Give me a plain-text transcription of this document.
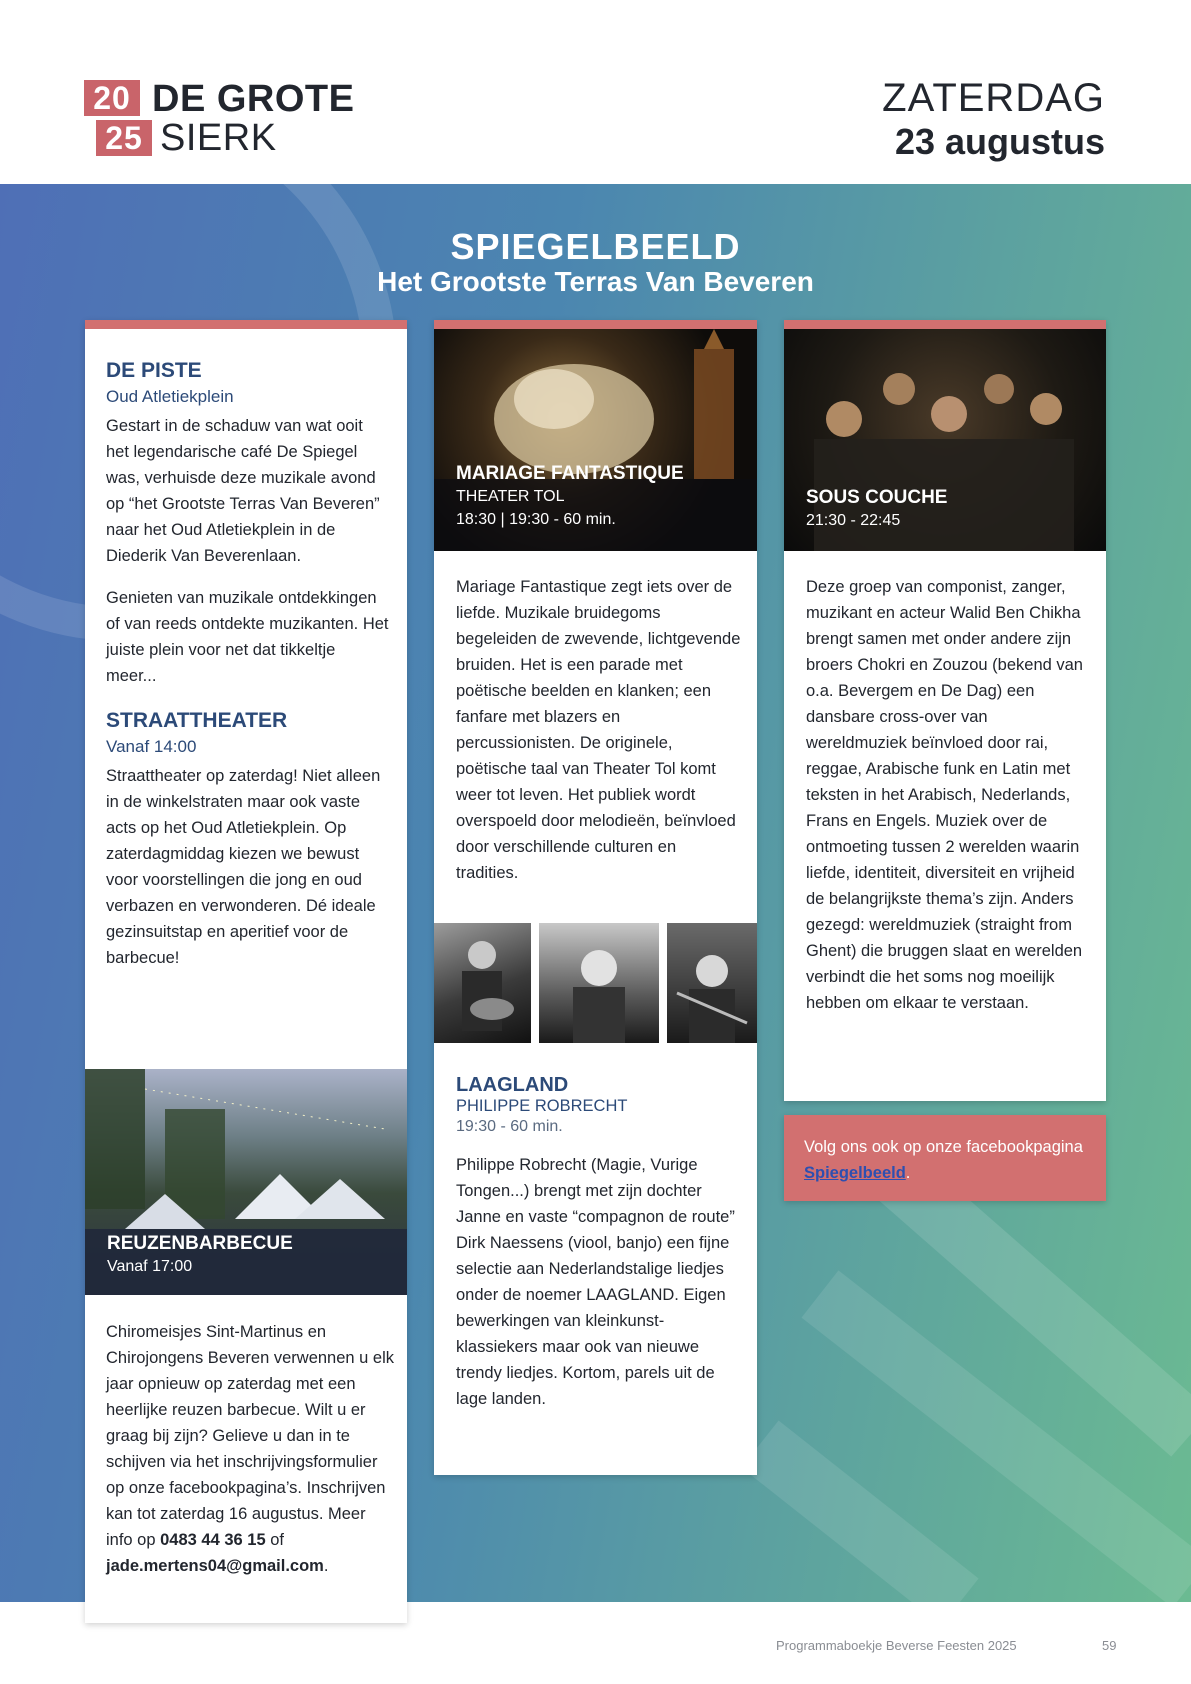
20
25
DE GROTE
SIERK
ZATERDAG
23 augustus
SPIEGELBEELD
Het Grootste Terras Van Beveren
DE PISTE
Oud Atletiekplein
Gestart in de schaduw van wat ooit het legendarische café De Spiegel was, verhuisde deze muzikale avond op “het Grootste Terras Van Beveren” naar het Oud Atletiekplein in de Diederik Van Beverenlaan.
Genieten van muzikale ontdekkingen of van reeds ontdekte muzikanten. Het juiste plein voor net dat tikkeltje meer...
STRAATTHEATER
Vanaf 14:00
Straattheater op zaterdag! Niet alleen in de winkelstraten maar ook vaste acts op het Oud Atletiekplein. Op zaterdagmiddag kiezen we bewust voor voorstellingen die jong en oud verbazen en verwonderen. Dé ideale gezinsuitstap en aperitief voor de barbecue!
REUZENBARBECUE
Vanaf 17:00
Chiromeisjes Sint-Martinus en Chirojongens Beveren verwennen u elk jaar opnieuw op zaterdag met een heerlijke reuzen barbecue. Wilt u er graag bij zijn? Gelieve u dan in te schijven via het inschrijvingsformulier op onze facebookpagina’s. Inschrijven kan tot zaterdag 16 augustus. Meer info op 0483 44 36 15 of jade.mertens04@gmail.com.
MARIAGE FANTASTIQUE
THEATER TOL
18:30 | 19:30 - 60 min.
Mariage Fantastique zegt iets over de liefde. Muzikale bruidegoms begeleiden de zwevende, lichtgevende bruiden. Het is een parade met poëtische beelden en klanken; een fanfare met blazers en percussionisten. De originele, poëtische taal van Theater Tol komt weer tot leven. Het publiek wordt overspoeld door melodieën, beïnvloed door verschillende culturen en tradities.
LAAGLAND
PHILIPPE ROBRECHT
19:30 - 60 min.
Philippe Robrecht (Magie, Vurige Tongen...) brengt met zijn dochter Janne en vaste “compagnon de route” Dirk Naessens (viool, banjo) een fijne selectie aan Nederlandstalige liedjes onder de noemer LAAGLAND. Eigen bewerkingen van kleinkunst-klassiekers maar ook van nieuwe trendy liedjes. Kortom, parels uit de lage landen.
SOUS COUCHE
21:30 - 22:45
Deze groep van componist, zanger, muzikant en acteur Walid Ben Chikha brengt samen met onder andere zijn broers Chokri en Zouzou (bekend van o.a. Bevergem en De Dag) een dansbare cross-over van wereldmuziek beïnvloed door rai, reggae, Arabische funk en Latin met teksten in het Arabisch, Nederlands, Frans en Engels. Muziek over de ontmoeting tussen 2 werelden waarin liefde, identiteit, diversiteit en vrijheid de belangrijkste thema’s zijn. Anders gezegd: wereldmuziek (straight from Ghent) die bruggen slaat en werelden verbindt die het soms nog moeilijk hebben om elkaar te verstaan.
Volg ons ook op onze facebookpagina Spiegelbeeld.
Programmaboekje Beverse Feesten 2025	59
